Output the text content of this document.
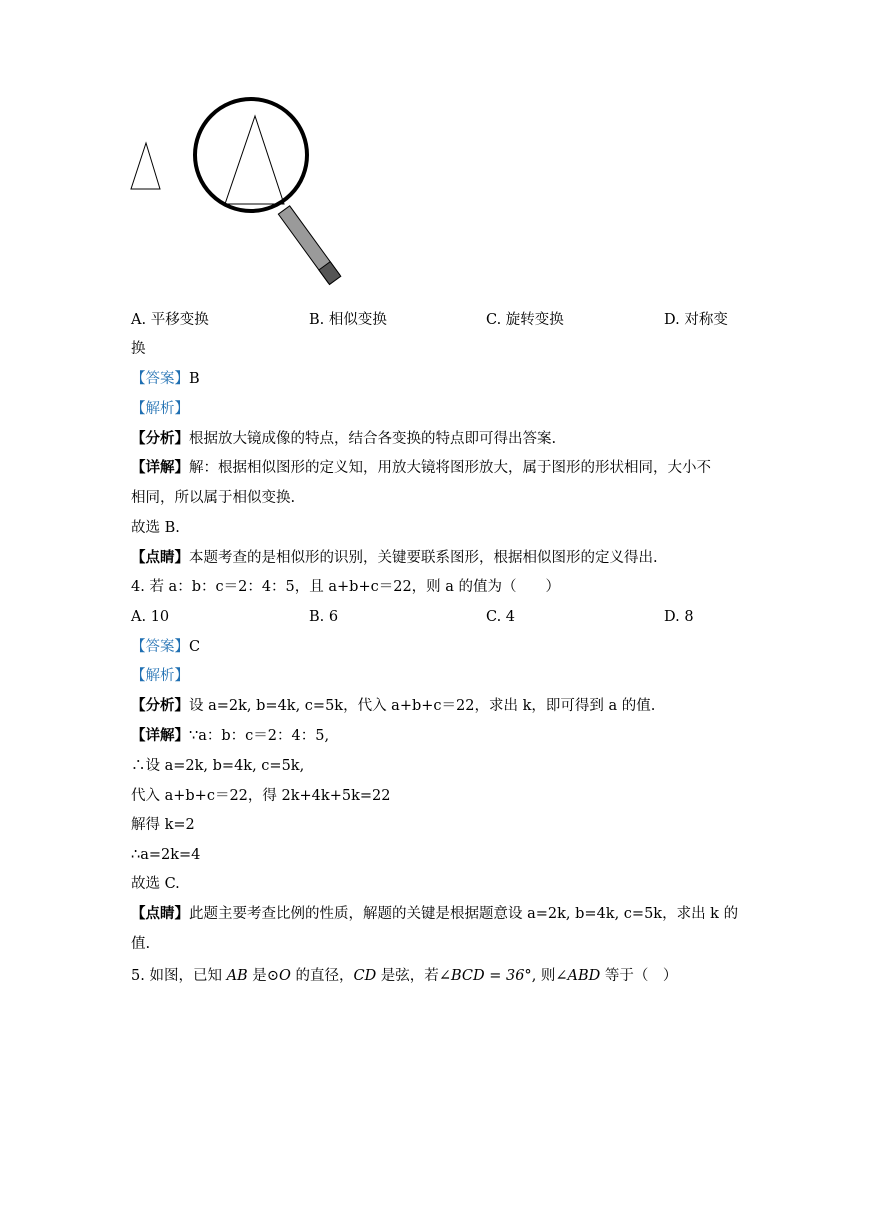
A. 平移变换	B. 相似变换	C. 旋转变换	D. 对称变
换
【答案】B
【解析】
【分析】根据放大镜成像的特点，结合各变换的特点即可得出答案.
【详解】解：根据相似图形的定义知，用放大镜将图形放大，属于图形的形状相同，大小不
相同，所以属于相似变换.
故选 B.
【点睛】本题考查的是相似形的识别，关键要联系图形，根据相似图形的定义得出.
4. 若 a：b：c＝2：4：5，且 a+b+c＝22，则 a 的值为（　　）
A. 10	B. 6	C. 4	D. 8
【答案】C
【解析】
【分析】设 a=2k, b=4k, c=5k，代入 a+b+c＝22，求出 k，即可得到 a 的值.
【详解】∵a：b：c＝2：4：5,
∴设 a=2k, b=4k, c=5k,
代入 a+b+c＝22，得 2k+4k+5k=22
解得 k=2
∴a=2k=4
故选 C.
【点睛】此题主要考查比例的性质，解题的关键是根据题意设 a=2k, b=4k, c=5k，求出 k 的
值.
5. 如图，已知 AB 是⊙O 的直径，CD 是弦，若∠BCD = 36°, 则∠ABD 等于（　）
